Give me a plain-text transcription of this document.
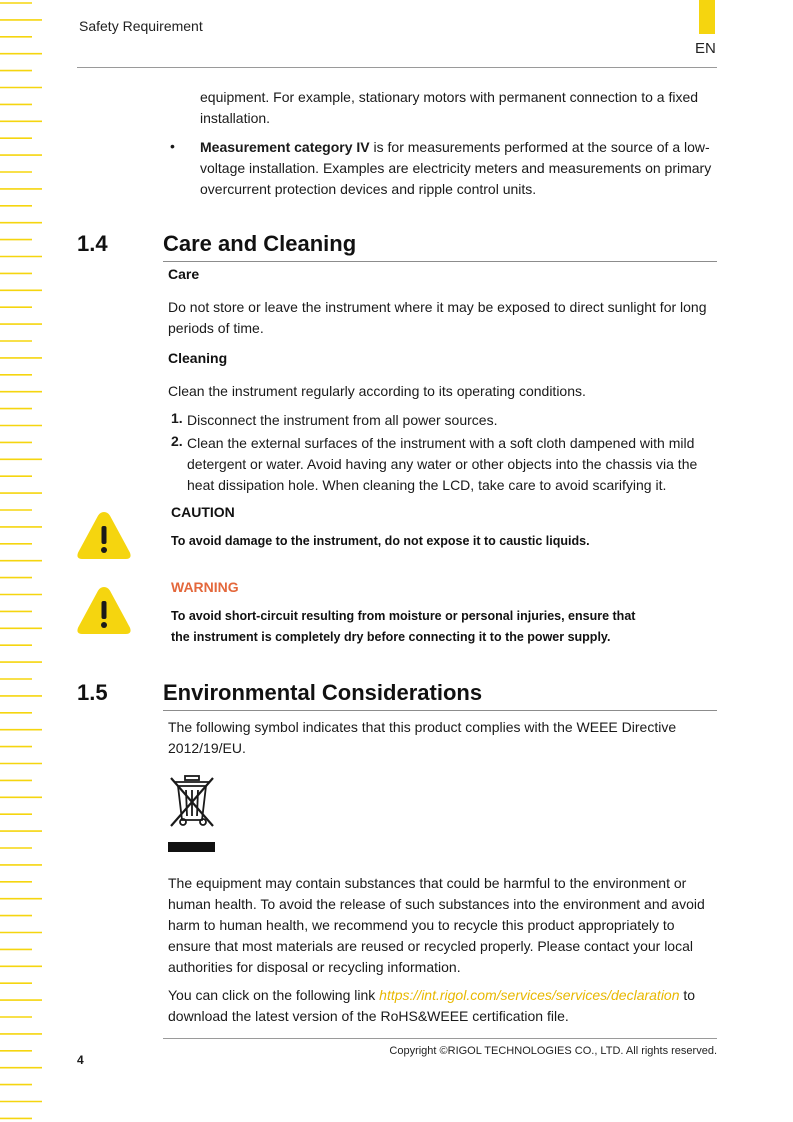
Safety Requirement
EN

equipment. For example, stationary motors with permanent connection to a fixed installation.

• Measurement category IV is for measurements performed at the source of a low-voltage installation. Examples are electricity meters and measurements on primary overcurrent protection devices and ripple control units.

1.4	Care and Cleaning
Care

Do not store or leave the instrument where it may be exposed to direct sunlight for long periods of time.

Cleaning

Clean the instrument regularly according to its operating conditions.

1. Disconnect the instrument from all power sources.

2. Clean the external surfaces of the instrument with a soft cloth dampened with mild detergent or water. Avoid having any water or other objects into the chassis via the heat dissipation hole. When cleaning the LCD, take care to avoid scarifying it.

CAUTION
To avoid damage to the instrument, do not expose it to caustic liquids.
WARNING
To avoid short-circuit resulting from moisture or personal injuries, ensure that the instrument is completely dry before connecting it to the power supply.
1.5	Environmental Considerations

The following symbol indicates that this product complies with the WEEE Directive 2012/19/EU.

The equipment may contain substances that could be harmful to the environment or human health. To avoid the release of such substances into the environment and avoid harm to human health, we recommend you to recycle this product appropriately to ensure that most materials are reused or recycled properly. Please contact your local authorities for disposal or recycling information.

You can click on the following link https://int.rigol.com/services/services/declaration to download the latest version of the RoHS&WEEE certification file.

4
Copyright ©RIGOL TECHNOLOGIES CO., LTD. All rights reserved.
